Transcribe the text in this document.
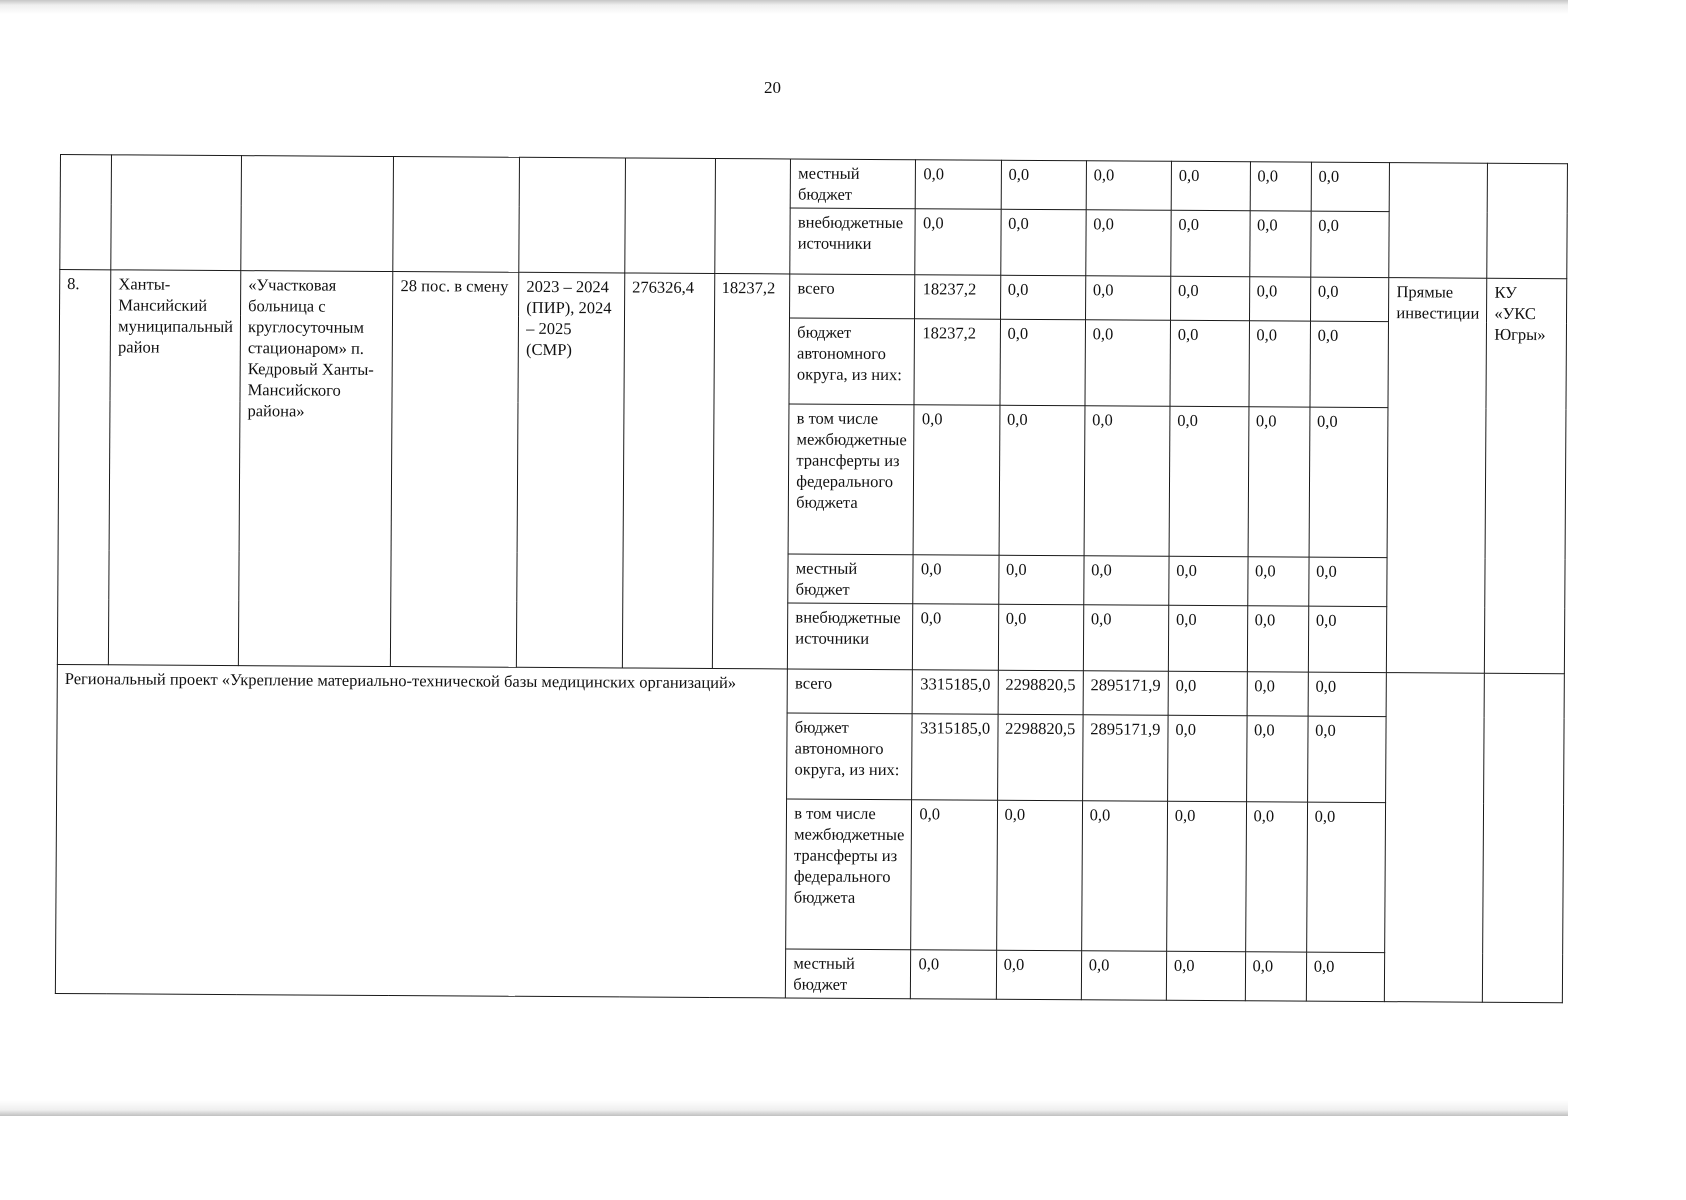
20
							местный бюджет	0,0	0,0	0,0	0,0	0,0	0,0		
							внебюджетные источники	0,0	0,0	0,0	0,0	0,0	0,0		
8.	Ханты-Мансийский муниципальный район	«Участковая больница с круглосуточным стационаром» п. Кедровый Ханты-Мансийского района»	28 пос. в смену	2023 – 2024 (ПИР), 2024 – 2025 (СМР)	276326,4	18237,2	всего	18237,2	0,0	0,0	0,0	0,0	0,0	Прямые инвестиции	КУ «УКС Югры»
							бюджет автономного округа, из них:	18237,2	0,0	0,0	0,0	0,0	0,0		
							в том числе межбюджетные трансферты из федерального бюджета	0,0	0,0	0,0	0,0	0,0	0,0		
							местный бюджет	0,0	0,0	0,0	0,0	0,0	0,0		
							внебюджетные источники	0,0	0,0	0,0	0,0	0,0	0,0		
Региональный проект «Укрепление материально-технической базы медицинских организаций»							всего	3315185,0	2298820,5	2895171,9	0,0	0,0	0,0		
							бюджет автономного округа, из них:	3315185,0	2298820,5	2895171,9	0,0	0,0	0,0		
							в том числе межбюджетные трансферты из федерального бюджета	0,0	0,0	0,0	0,0	0,0	0,0		
							местный бюджет	0,0	0,0	0,0	0,0	0,0	0,0		
